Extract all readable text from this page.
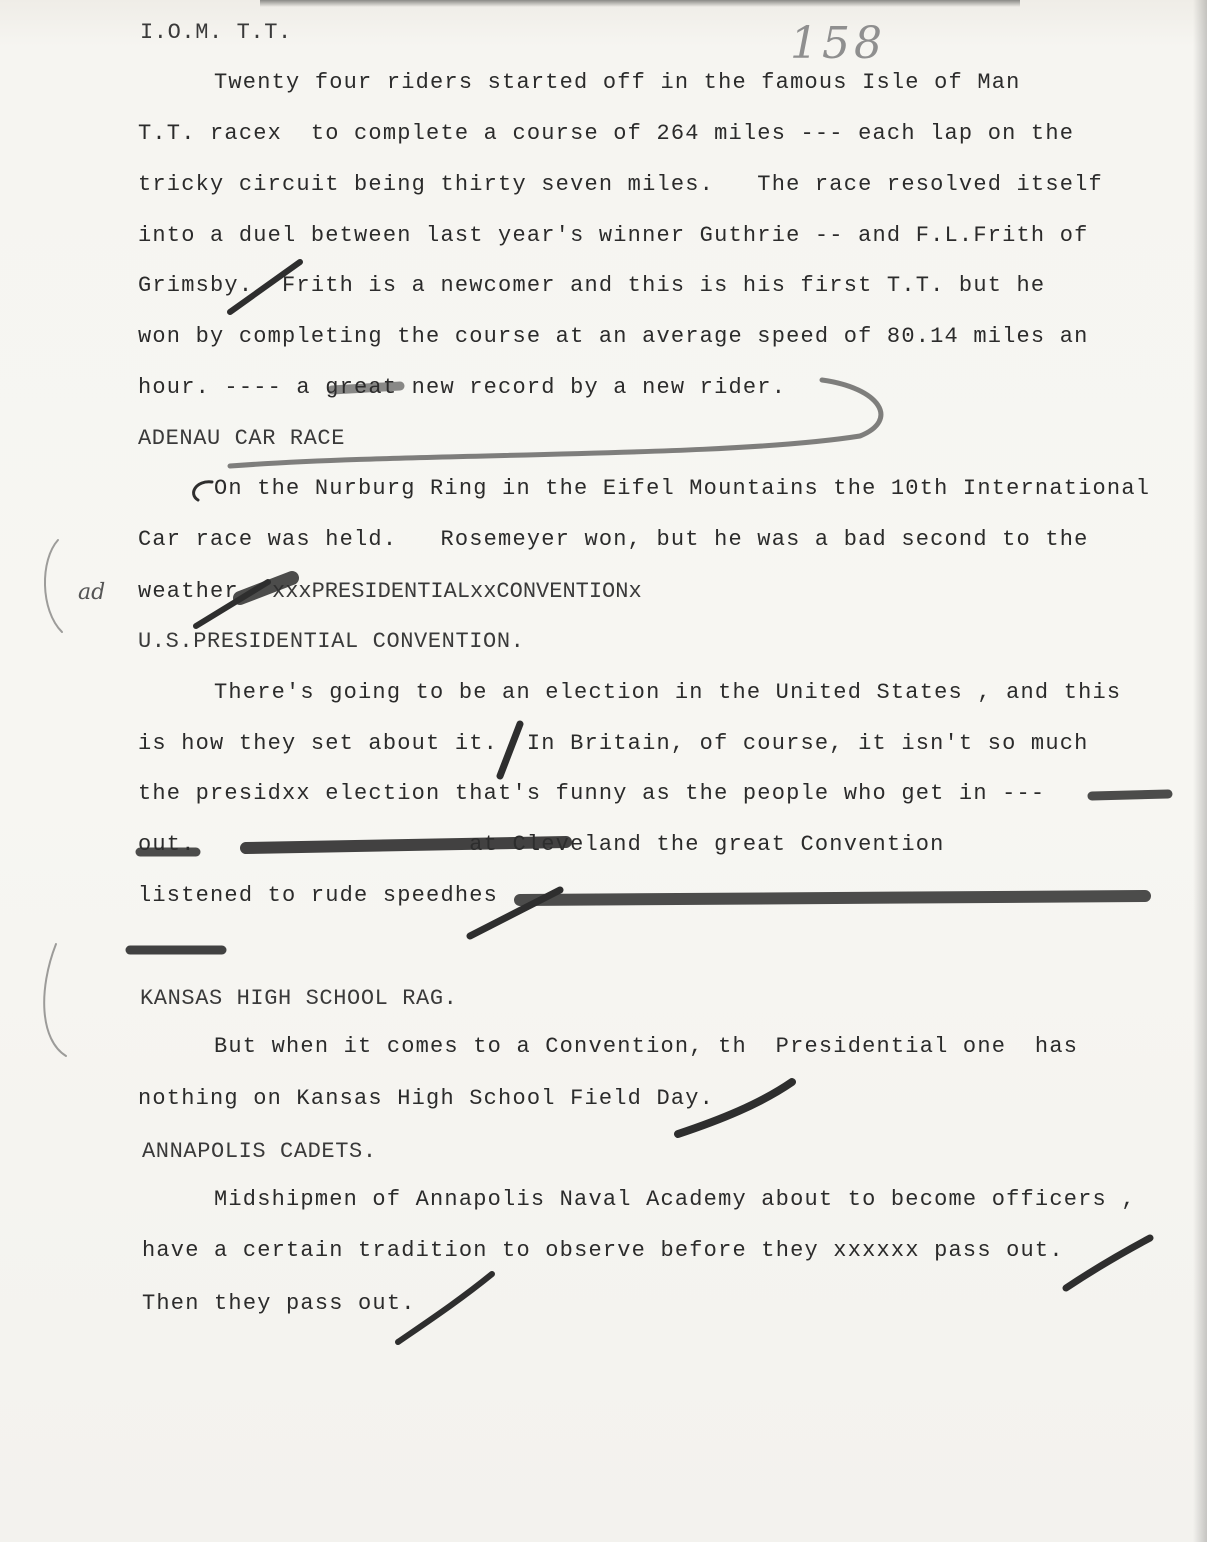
I.O.M. T.T.	158
Twenty four riders started off in the famous Isle of Man
T.T. racex  to complete a course of 264 miles --- each lap on the
tricky circuit being thirty seven miles.   The race resolved itself
into a duel between last year's winner Guthrie -- and F.L.Frith of
Grimsby.  Frith is a newcomer and this is his first T.T. but he
won by completing the course at an average speed of 80.14 miles an
hour. ---- a great new record by a new rider.
ADENAU CAR RACE
On the Nurburg Ring in the Eifel Mountains the 10th International
Car race was held.   Rosemeyer won, but he was a bad second to the
weather xxxPRESIDENTIALxxCONVENTIONx
ad
U.S.PRESIDENTIAL CONVENTION.
There's going to be an election in the United States , and this
is how they set about it.  In Britain, of course, it isn't so much
the presidxx election that's funny as the people who get in ---
out.                   at Cleveland the great Convention
listened to rude speedhes
KANSAS HIGH SCHOOL RAG.
But when it comes to a Convention, th  Presidential one  has
nothing on Kansas High School Field Day.
ANNAPOLIS CADETS.
Midshipmen of Annapolis Naval Academy about to become officers ,
have a certain tradition to observe before they xxxxxx pass out.
Then they pass out.
